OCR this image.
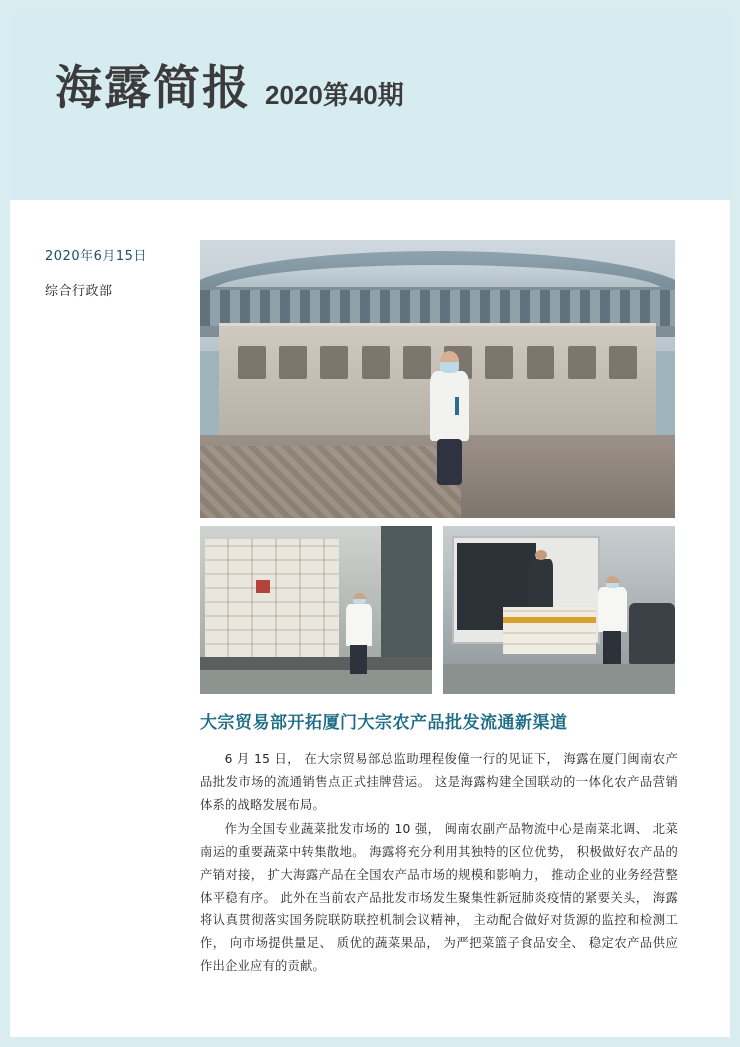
海露简报 2020第40期
2020年6月15日
综合行政部
大宗贸易部开拓厦门大宗农产品批发流通新渠道

6 月 15 日， 在大宗贸易部总监助理程俊僮一行的见证下， 海露在厦门闽南农产品批发市场的流通销售点正式挂牌营运。 这是海露构建全国联动的一体化农产品营销体系的战略发展布局。

作为全国专业蔬菜批发市场的 10 强， 闽南农副产品物流中心是南菜北调、 北菜南运的重要蔬菜中转集散地。 海露将充分利用其独特的区位优势， 积极做好农产品的产销对接， 扩大海露产品在全国农产品市场的规模和影响力， 推动企业的业务经营整体平稳有序。 此外在当前农产品批发市场发生聚集性新冠肺炎疫情的紧要关头， 海露将认真贯彻落实国务院联防联控机制会议精神， 主动配合做好对货源的监控和检测工作， 向市场提供量足、 质优的蔬菜果品， 为严把菜篮子食品安全、 稳定农产品供应作出企业应有的贡献。
